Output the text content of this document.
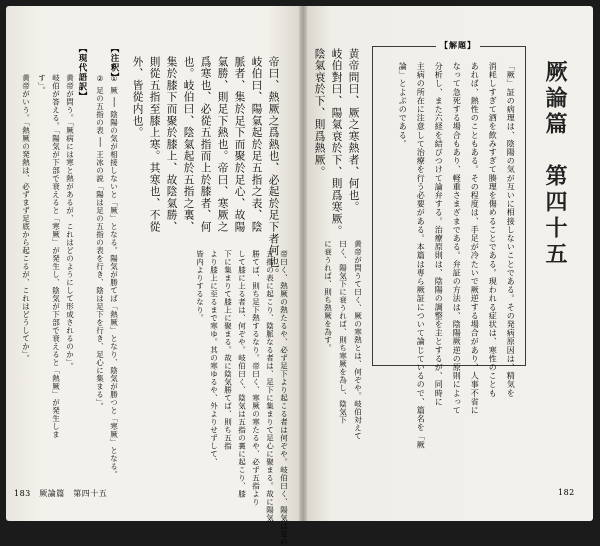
厥論篇　第四十五
【解題】
「厥」証の病理は、陰陽の気が互いに相接しないことである。その発病原因は、精気を
消耗しすぎて酒を飲みすぎて腠理を傷めることである。現われる症状は、寒性のことも
あれば、熱性のこともある。その程度は、手足が冷たいで厥逆する場合があり、人事不省に
なって急死する場合もあり、軽重さまざまである。弁証の方法は、陰陽厥逆の原則によって
分析し、また六経を結びつけて論弁する。治療原則は、陰陽の調整を主とするが、同時に
主病の所在に注意して治療を行う必要がある。本篇は専ら厥証について論じているので、篇名を「厥
論」とよぶのである。
黄帝問曰、厥之寒熱者、何也。
岐伯對曰、陽氣衰於下、則爲寒厥。
陰氣衰於下、則爲熱厥。
黄帝が問うて曰く、厥の寒熱とは、何ぞや。岐伯対えて
曰く、陽気下に衰うれば、則ち寒厥を為し、陰気下
に衰うれば、則ち熱厥を為す。
182
帝曰、熱厥之爲熱也、必起於足下者何也。
岐伯曰、陽氣起於足五指之表、陰
脈者、集於足下而聚於足心、故陽
氣勝、則足下熱也。帝曰、寒厥之
爲寒也、必從五指而上於膝者、何
也。岐伯曰、陰氣起於五指之裏、
集於膝下而聚於膝上、故陰氣勝、
則從五指至膝上寒。其寒也、不從
外、皆從内也。
帝曰く、熱厥の熱たるや、必ず足下より起こる者は何ぞや。岐伯曰く、陽気は足の
五指の表に起こり、陰脈なる者は、足下に集まりて足心に聚まる。故に陽気
勝てば、則ち足下熱するなり。帝曰く、寒厥の寒たるや、必ず五指より
して膝に上る者は、何ぞや。岐伯曰く、陰気は五指の裏に起こり、膝
下に集まりて膝上に聚まる。故に陰気勝てば、則ち五指
より膝上に至るまで寒ゆ。其の寒ゆるや、外よりせずして、
皆内よりするなり。
【注釈】
① 厥 ── 陰陽の気が相接しないと「厥」となる。陽気が勝てば「熱厥」となり、陰気が勝つと「寒厥」となる。
② 足の五指の表 ── 王冰の説「陽は足の五指の表を行き、陰は足下を行き、足心に集まる」。
【現代語訳】
黄帝が問う。「厥病には寒と熱があるが、これはどのようにして形成されるのか」。
岐伯が答える。「陽気が下部で衰えると「寒厥」が発生し、陰気が下部で衰えると「熱厥」が発生しま
す」。
黄帝がいう。「熱厥の発熱は、必ずまず足底から起こるが、これはどうしてか」。
183　厥論篇　第四十五
